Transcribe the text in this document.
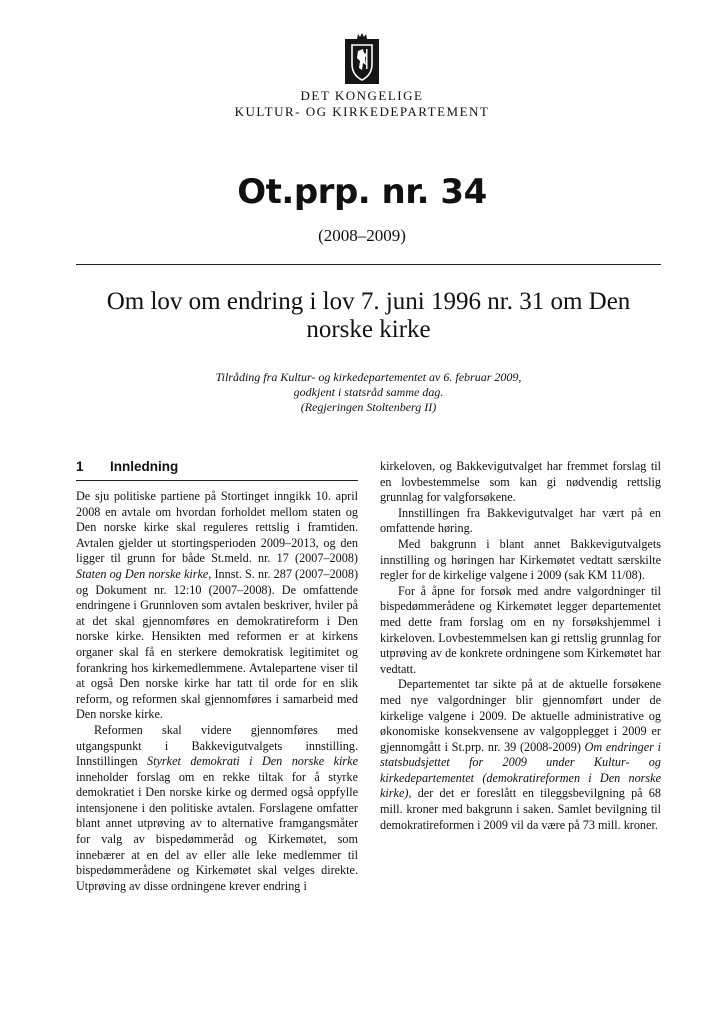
DET KONGELIGE
KULTUR- OG KIRKEDEPARTEMENT
Ot.prp. nr. 34
(2008–2009)
Om lov om endring i lov 7. juni 1996 nr. 31 om Den norske kirke
Tilråding fra Kultur- og kirkedepartementet av 6. februar 2009,
godkjent i statsråd samme dag.
(Regjeringen Stoltenberg II)
1 Innledning

De sju politiske partiene på Stortinget inngikk 10. april 2008 en avtale om hvordan forholdet mellom staten og Den norske kirke skal reguleres rettslig i framtiden. Avtalen gjelder ut stortingsperioden 2009–2013, og den ligger til grunn for både St.meld. nr. 17 (2007–2008) Staten og Den norske kirke, Innst. S. nr. 287 (2007–2008) og Dokument nr. 12:10 (2007–2008). De omfattende endringene i Grunnloven som avtalen beskriver, hviler på at det skal gjennomføres en demokratireform i Den norske kirke. Hensikten med reformen er at kirkens organer skal få en sterkere demokratisk legitimitet og forankring hos kirkemedlemmene. Avtalepartene viser til at også Den norske kirke har tatt til orde for en slik reform, og reformen skal gjennomføres i samarbeid med Den norske kirke.

Reformen skal videre gjennomføres med utgangspunkt i Bakkevigutvalgets innstilling. Innstillingen Styrket demokrati i Den norske kirke inneholder forslag om en rekke tiltak for å styrke demokratiet i Den norske kirke og dermed også oppfylle intensjonene i den politiske avtalen. Forslagene omfatter blant annet utprøving av to alternative framgangsmåter for valg av bispedømmeråd og Kirkemøtet, som innebærer at en del av eller alle leke medlemmer til bispedømmerådene og Kirkemøtet skal velges direkte. Utprøving av disse ordningene krever endring i

kirkeloven, og Bakkevigutvalget har fremmet forslag til en lovbestemmelse som kan gi nødvendig rettslig grunnlag for valgforsøkene.

Innstillingen fra Bakkevigutvalget har vært på en omfattende høring.

Med bakgrunn i blant annet Bakkevigutvalgets innstilling og høringen har Kirkemøtet vedtatt særskilte regler for de kirkelige valgene i 2009 (sak KM 11/08).

For å åpne for forsøk med andre valgordninger til bispedømmerådene og Kirkemøtet legger departementet med dette fram forslag om en ny forsøkshjemmel i kirkeloven. Lovbestemmelsen kan gi rettslig grunnlag for utprøving av de konkrete ordningene som Kirkemøtet har vedtatt.

Departementet tar sikte på at de aktuelle forsøkene med nye valgordninger blir gjennomført under de kirkelige valgene i 2009. De aktuelle administrative og økonomiske konsekvensene av valgopplegget i 2009 er gjennomgått i St.prp. nr. 39 (2008-2009) Om endringer i statsbudsjettet for 2009 under Kultur- og kirkedepartementet (demokratireformen i Den norske kirke), der det er foreslått en tileggsbevilgning på 68 mill. kroner med bakgrunn i saken. Samlet bevilgning til demokratireformen i 2009 vil da være på 73 mill. kroner.
